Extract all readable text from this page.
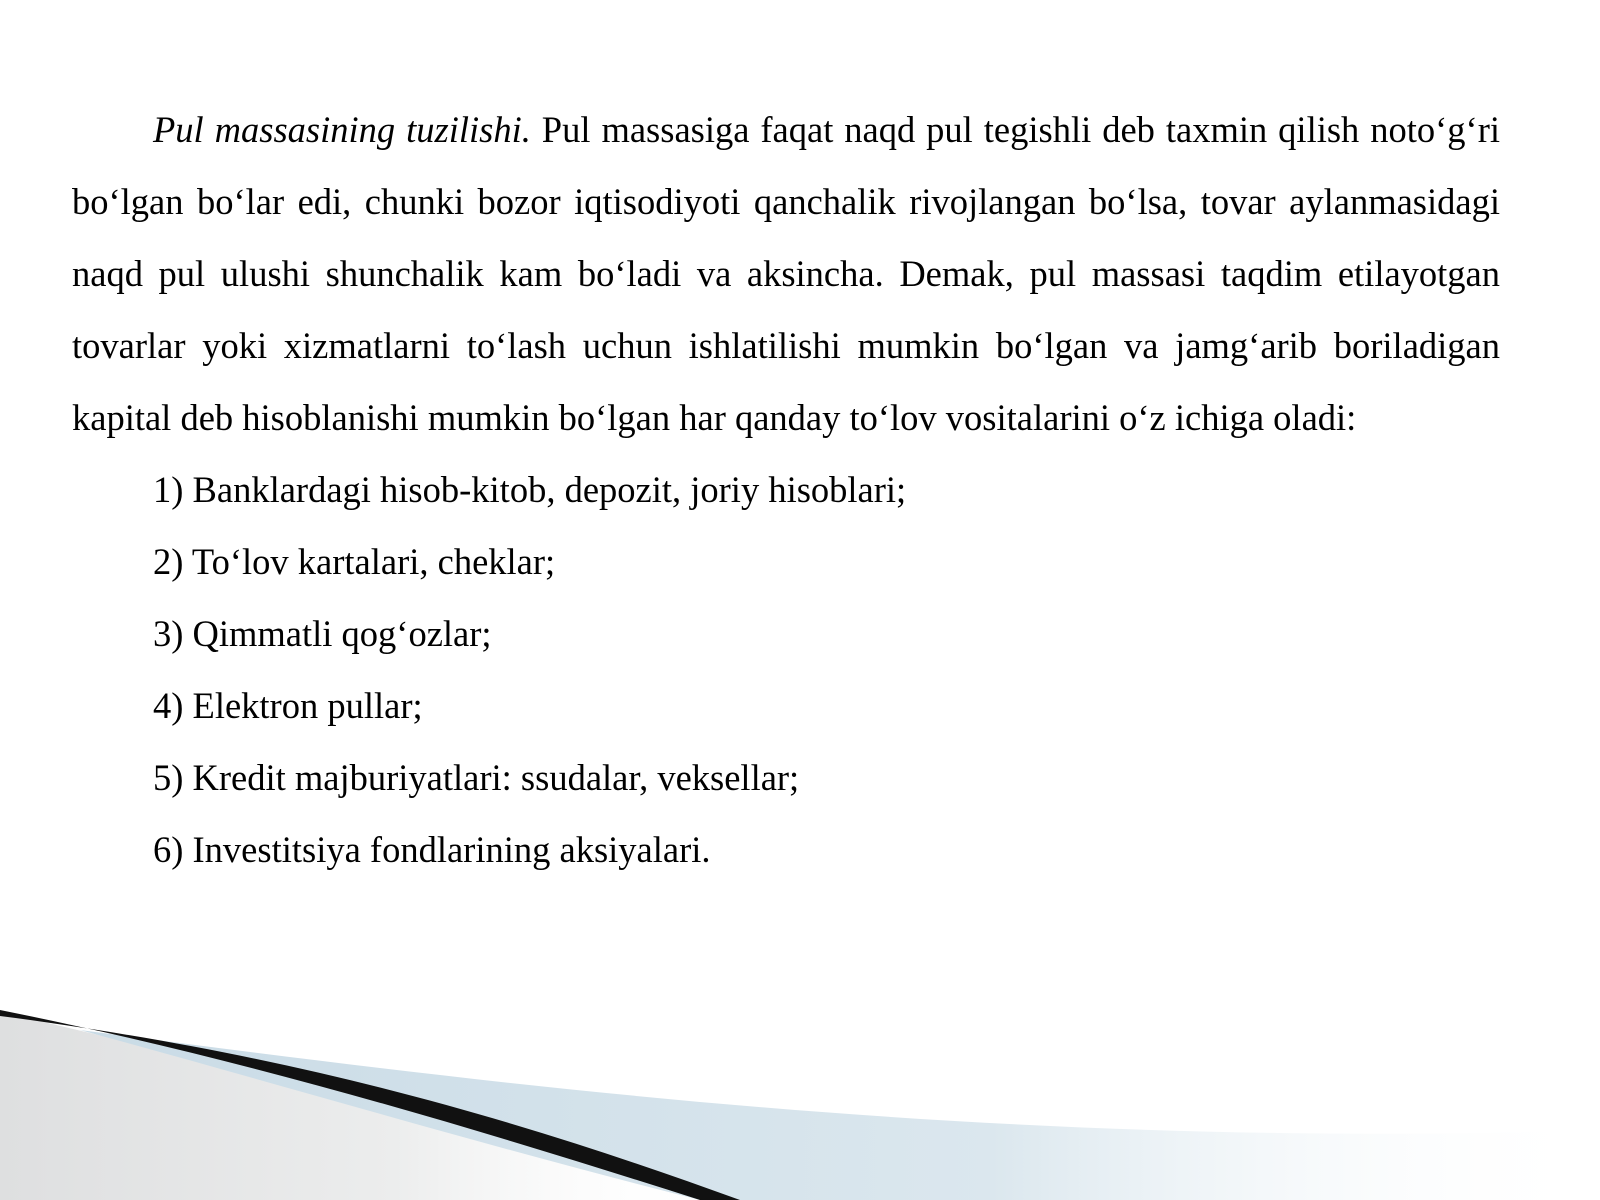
Pul massasining tuzilishi. Pul massasiga faqat naqd pul tegishli deb taxmin qilish noto‘g‘ri bo‘lgan bo‘lar edi, chunki bozor iqtisodiyoti qanchalik rivojlangan bo‘lsa, tovar aylanmasidagi naqd pul ulushi shunchalik kam bo‘ladi va aksincha. Demak, pul massasi taqdim etilayotgan tovarlar yoki xizmatlarni to‘lash uchun ishlatilishi mumkin bo‘lgan va jamg‘arib boriladigan kapital deb hisoblanishi mumkin bo‘lgan har qanday to‘lov vositalarini o‘z ichiga oladi:

1) Banklardagi hisob-kitob, depozit, joriy hisoblari;
2) To‘lov kartalari, cheklar;
3) Qimmatli qog‘ozlar;
4) Elektron pullar;
5) Kredit majburiyatlari: ssudalar, veksellar;
6) Investitsiya fondlarining aksiyalari.
